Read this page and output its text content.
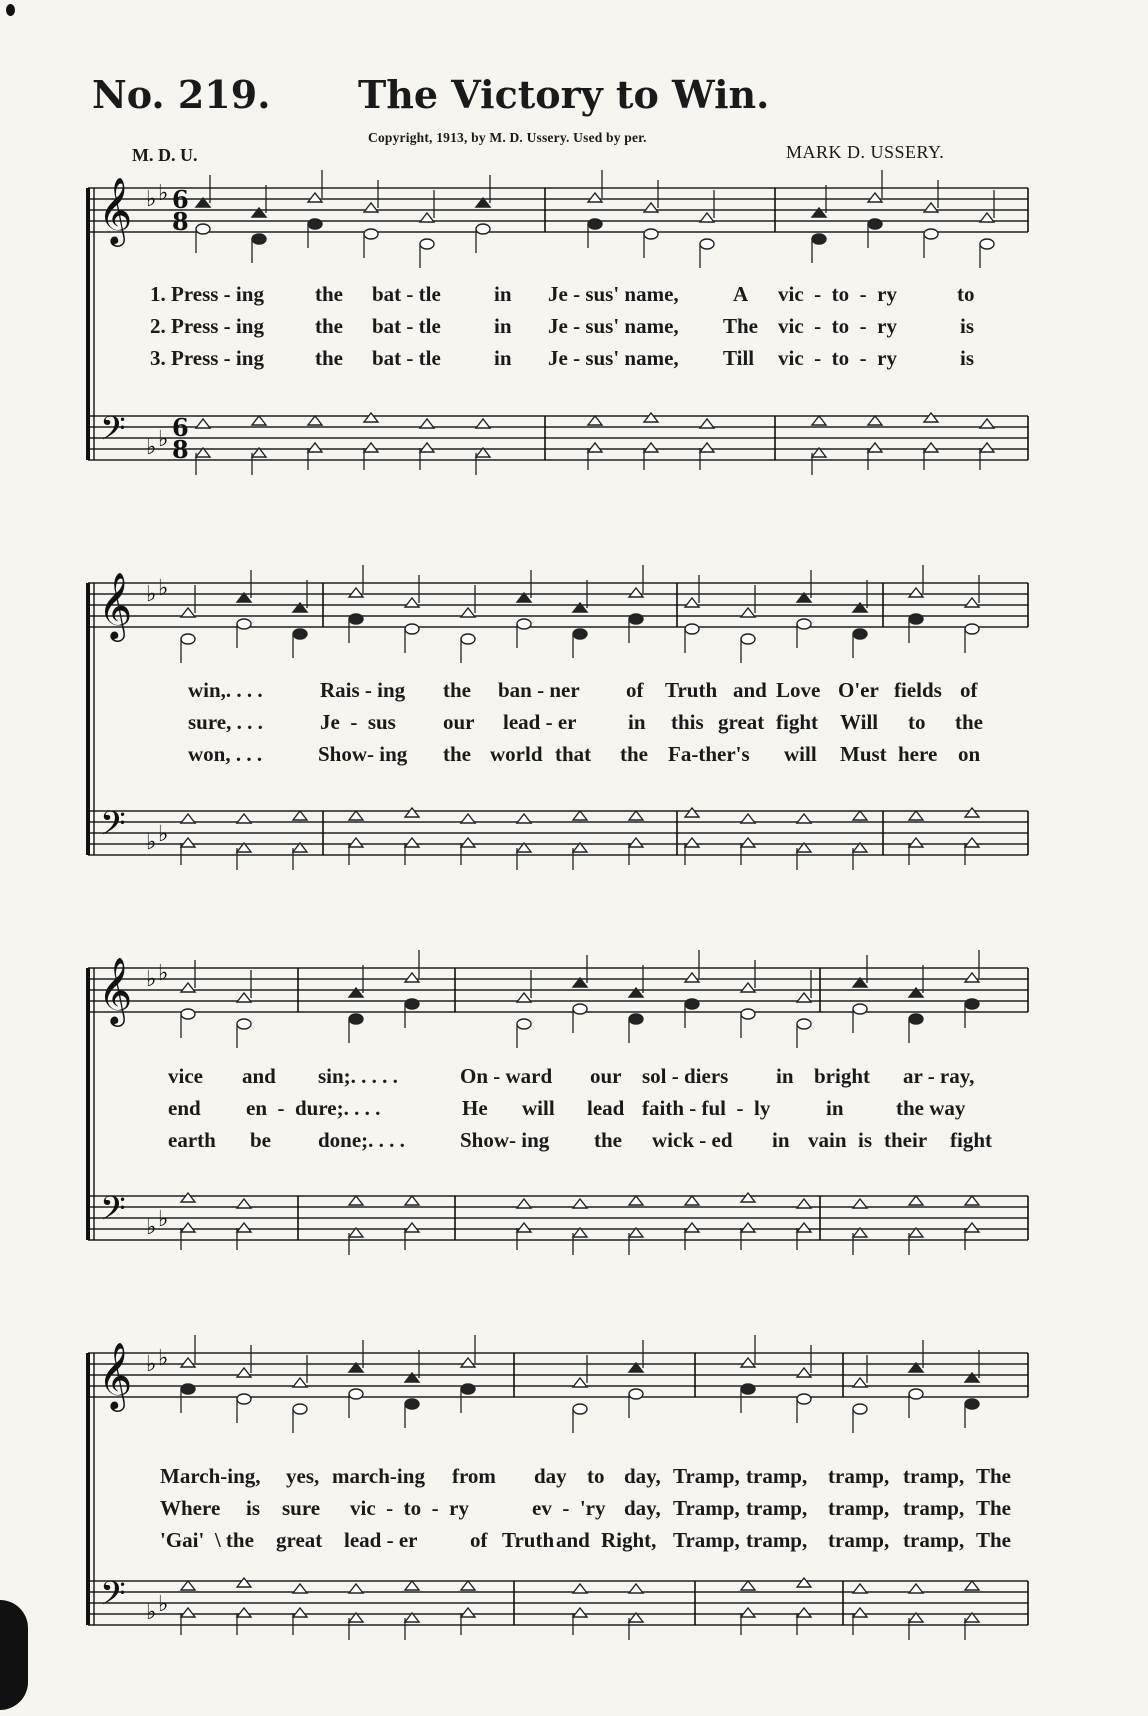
No. 219. The Victory to Win.
Copyright, 1913, by M. D. Ussery. Used by per.
M. D. U.	MARK D. USSERY.
𝄞
𝄢
♭ ♭
♭ ♭
6
8
6
8
𝄞
𝄢
♭ ♭
♭ ♭
𝄞
𝄢
♭ ♭
♭ ♭
𝄞
𝄢
♭ ♭
♭ ♭
1. Press - ing the bat - tle	in Je - sus' name,	A vic  -  to  -  ry	to
2. Press - ing the bat - tle	in Je - sus' name, The vic  -  to  -  ry	is
3. Press - ing the bat - tle	in Je - sus' name, Till vic  -  to  -  ry	is
win,. . . .	Rais - ing the ban - ner of Truth and Love O'er fields of
sure, . . .	Je  -  sus our lead - er in this great fight Will to the
won, . . .	Show- ing the world that the Fa-ther's will Must here on
vice and sin;. . . . .	On - ward our sol - diers in bright ar - ray,
end en  -  dure;. . . .	He will lead faith - ful  -  ly	in the way
earth be done;. . . .	Show- ing the wick - ed in vain is their fight
March-ing, yes, march-ing from day to day, Tramp, tramp, tramp, tramp, The
Where is sure vic  -  to  -  ry	ev  -  'ry day, Tramp, tramp, tramp, tramp, The
'Gai'  \ the great lead - er	of Truth and Right, Tramp, tramp, tramp, tramp, The
